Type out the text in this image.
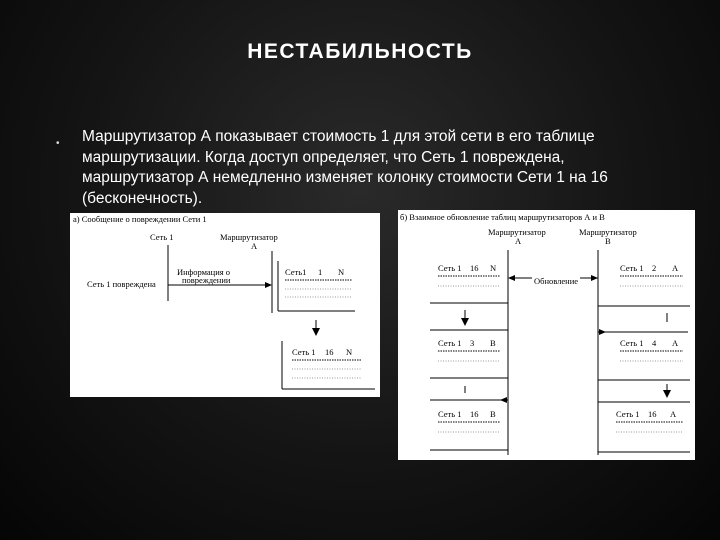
НЕСТАБИЛЬНОСТЬ
• Маршрутизатор А показывает стоимость 1 для этой сети в его таблице маршрутизации. Когда доступ определяет, что Сеть 1 повреждена, маршрутизатор А немедленно изменяет колонку стоимости Сети 1 на 16 (бесконечность).
а) Сообщение о повреждении Сети 1
Сеть 1	Маршрутизатор
A
Сеть 1 повреждена
Информация о
повреждении
Сеть1 1 N
Сеть 1 16 N
б) Взаимное обновление таблиц маршрутизаторов А и В
Маршрутизатор
A
Маршрутизатор
B
Сеть 1 16 N	Сеть 1 2 A
Обновление
Сеть 1 3 B	Сеть 1 4 A
Сеть 1 16 B	Сеть 1 16 A
